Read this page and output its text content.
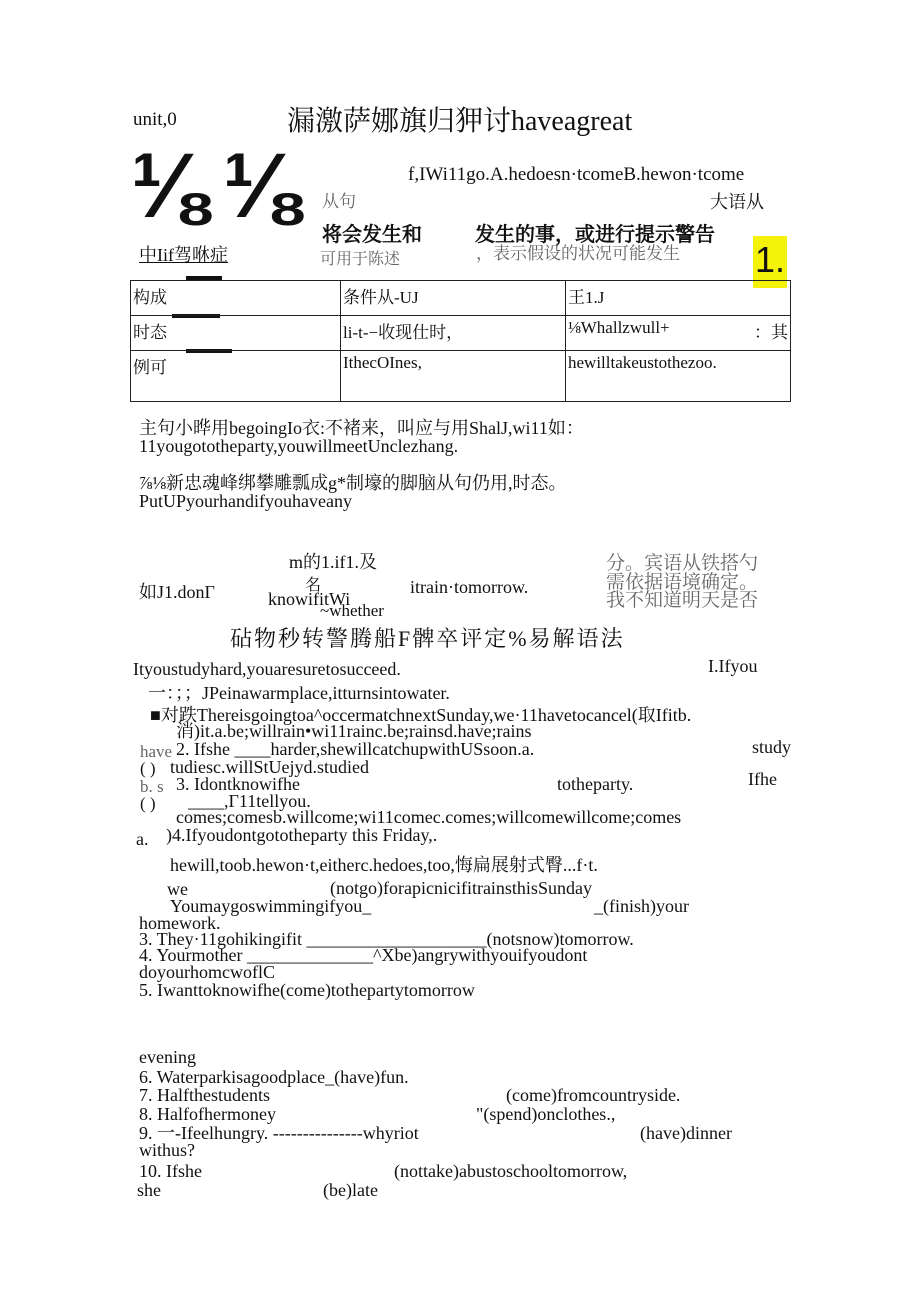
unit,0	漏激萨娜旗归狎讨haveagreat
⅛ ⅛	f,IWi11go.A.hedoesn·tcomeB.hewon·tcome
从句
可用于陈述	，表示假设的状况可能发生
大语从
将会发生和	发生的事，或进行提示警告
1.
中Iif驾咻症
构成	条件从-UJ	王1.J
时态	li-t-−收现仕时，	⅛Whallzwull+ ：其

例可	IthecOInes,	hewilltakeustothezoo.
主句小晔用begoingIo衣:不褚来，叫应与用ShalJ,wi11如：
11yougototheparty,youwillmeetUnclezhang.
⅞⅛新忠魂峰绑攀雕瓢成g*制壕的脚脑从句仍用,时态。
PutUPyourhandifyouhaveany
m的1.if1.及
名
如J1.donΓ	knowifitWi
itrain·tomorrow.
~whether
分。宾语从铁搭勺
需依据语境确定。
我不知道明天是否
砧物秒转警腾船F髀卒评定%易解语法
Ityoustudyhard,youaresuretosucceed.	I.Ifyou
一：；；JPeinawarmplace,itturnsintowater.
■对跌Thereisgoingtoa^occermatchnextSunday,we·11havetocancel(取Ifitb.
消)it.a.be;willrain•wi11rainc.be;rainsd.have;rains
have 2. Ifshe ____harder,shewillcatchupwithUSsoon.a.	study
( ) tudiesc.willStUejyd.studied
b. s 3. Idontknowifhe	totheparty.	Ifhe
( ) ____,Γ11tellyou.
comes;comesb.willcome;wi11comec.comes;willcomewillcome;comes
a. )4.Ifyoudontgototheparty this Friday,.
hewill,toob.hewon·t,eitherc.hedoes,too,悔扁展射式臀...f·t.
we	(notgo)forapicnicifitrainsthisSunday
Youmaygoswimmingifyou_	_(finish)your
homework.
3. They·11gohikingifit ____________________(notsnow)tomorrow.
4. Yourmother ______________^Xbe)angrywithyouifyoudont
doyourhomcwoflC
5. Iwanttoknowifhe(come)tothepartytomorrow
evening
6. Waterparkisagoodplace_(have)fun.
7. Halfthestudents	(come)fromcountryside.
8. Halfofhermoney	"(spend)onclothes.,
9. 一-Ifeelhungry. ---------------whyriot	(have)dinner
withus?
10. Ifshe	(nottake)abustoschooltomorrow,
she	(be)late
